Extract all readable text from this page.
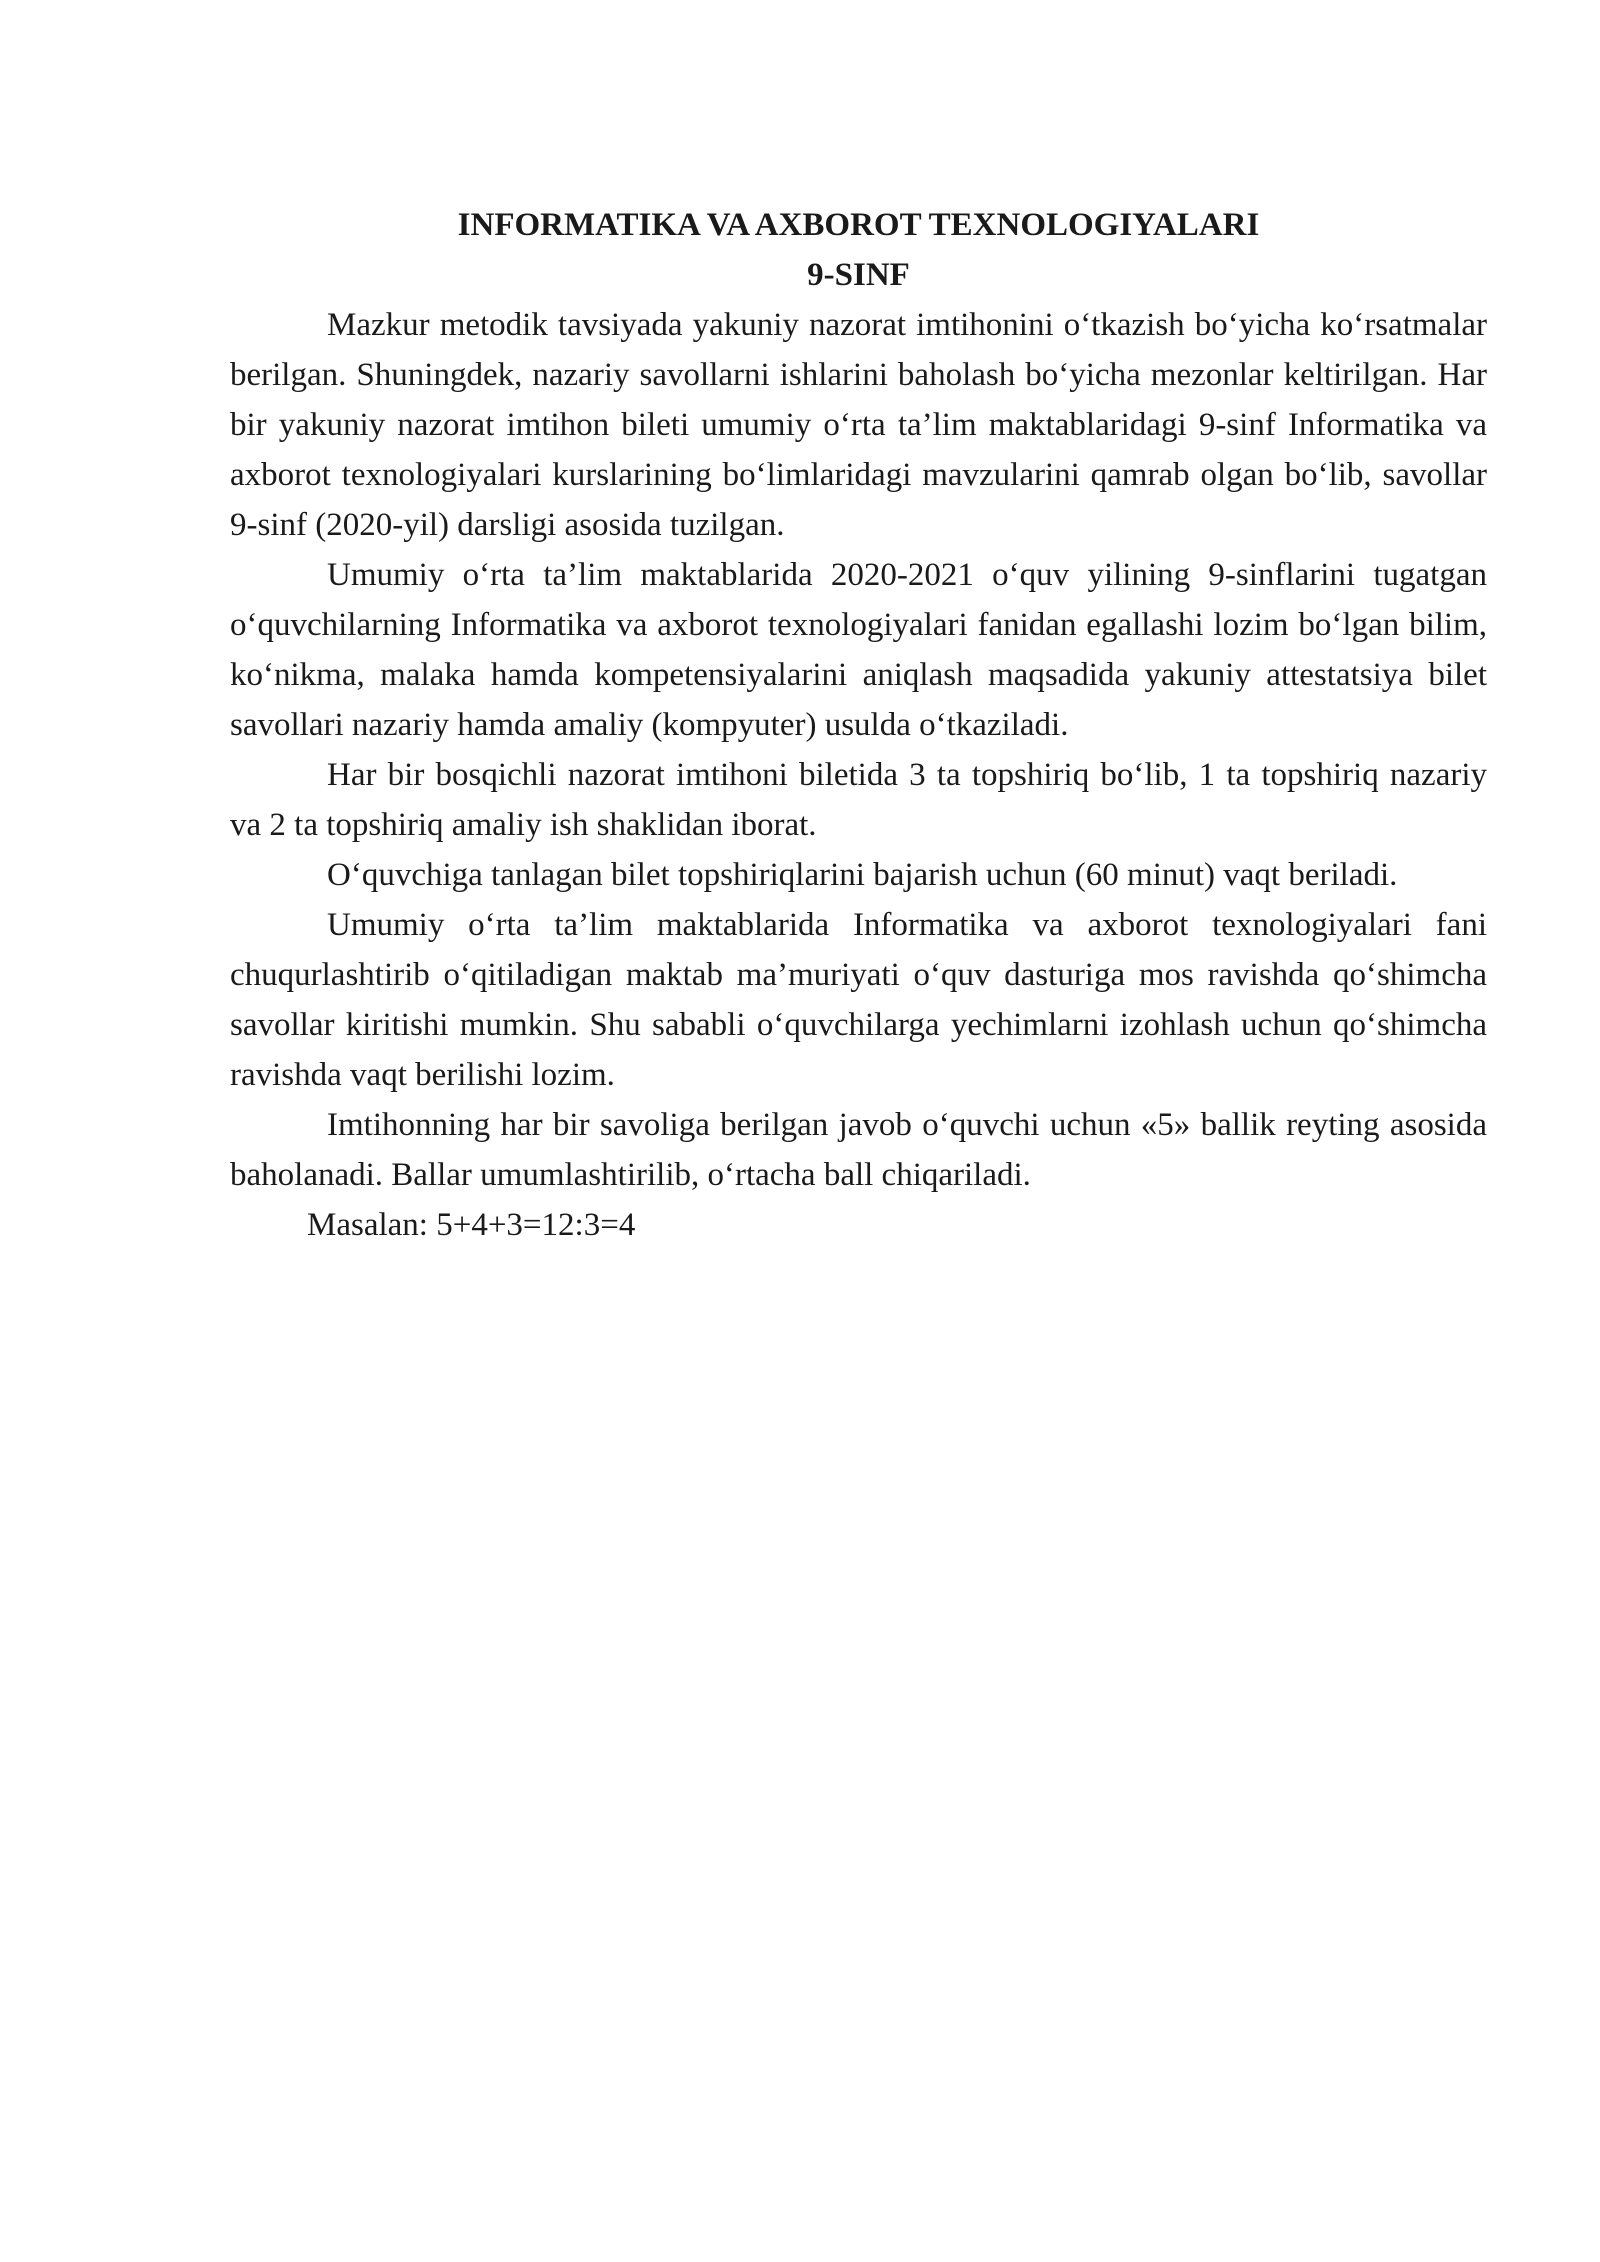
INFORMATIKA VA AXBOROT TEXNOLOGIYALARI

9-SINF

Mazkur metodik tavsiyada yakuniy nazorat imtihonini o‘tkazish bo‘yicha ko‘rsatmalar berilgan. Shuningdek, nazariy savollarni ishlarini baholash bo‘yicha mezonlar keltirilgan. Har bir yakuniy nazorat imtihon bileti umumiy o‘rta ta’lim maktablaridagi 9-sinf Informatika va axborot texnologiyalari kurslarining bo‘limlaridagi mavzularini qamrab olgan bo‘lib, savollar 9-sinf (2020-yil) darsligi asosida tuzilgan.

Umumiy o‘rta ta’lim maktablarida 2020-2021 o‘quv yilining 9-sinflarini tugatgan o‘quvchilarning Informatika va axborot texnologiyalari fanidan egallashi lozim bo‘lgan bilim, ko‘nikma, malaka hamda kompetensiyalarini aniqlash maqsadida yakuniy attestatsiya bilet savollari nazariy hamda amaliy (kompyuter) usulda o‘tkaziladi.

Har bir bosqichli nazorat imtihoni biletida 3 ta topshiriq bo‘lib, 1 ta topshiriq nazariy va 2 ta topshiriq amaliy ish shaklidan iborat.

O‘quvchiga tanlagan bilet topshiriqlarini bajarish uchun (60 minut) vaqt beriladi.

Umumiy o‘rta ta’lim maktablarida Informatika va axborot texnologiyalari fani chuqurlashtirib o‘qitiladigan maktab ma’muriyati o‘quv dasturiga mos ravishda qo‘shimcha savollar kiritishi mumkin. Shu sababli o‘quvchilarga yechimlarni izohlash uchun qo‘shimcha ravishda vaqt berilishi lozim.

Imtihonning har bir savoliga berilgan javob o‘quvchi uchun «5» ballik reyting asosida baholanadi. Ballar umumlashtirilib, o‘rtacha ball chiqariladi.

Masalan: 5+4+3=12:3=4
